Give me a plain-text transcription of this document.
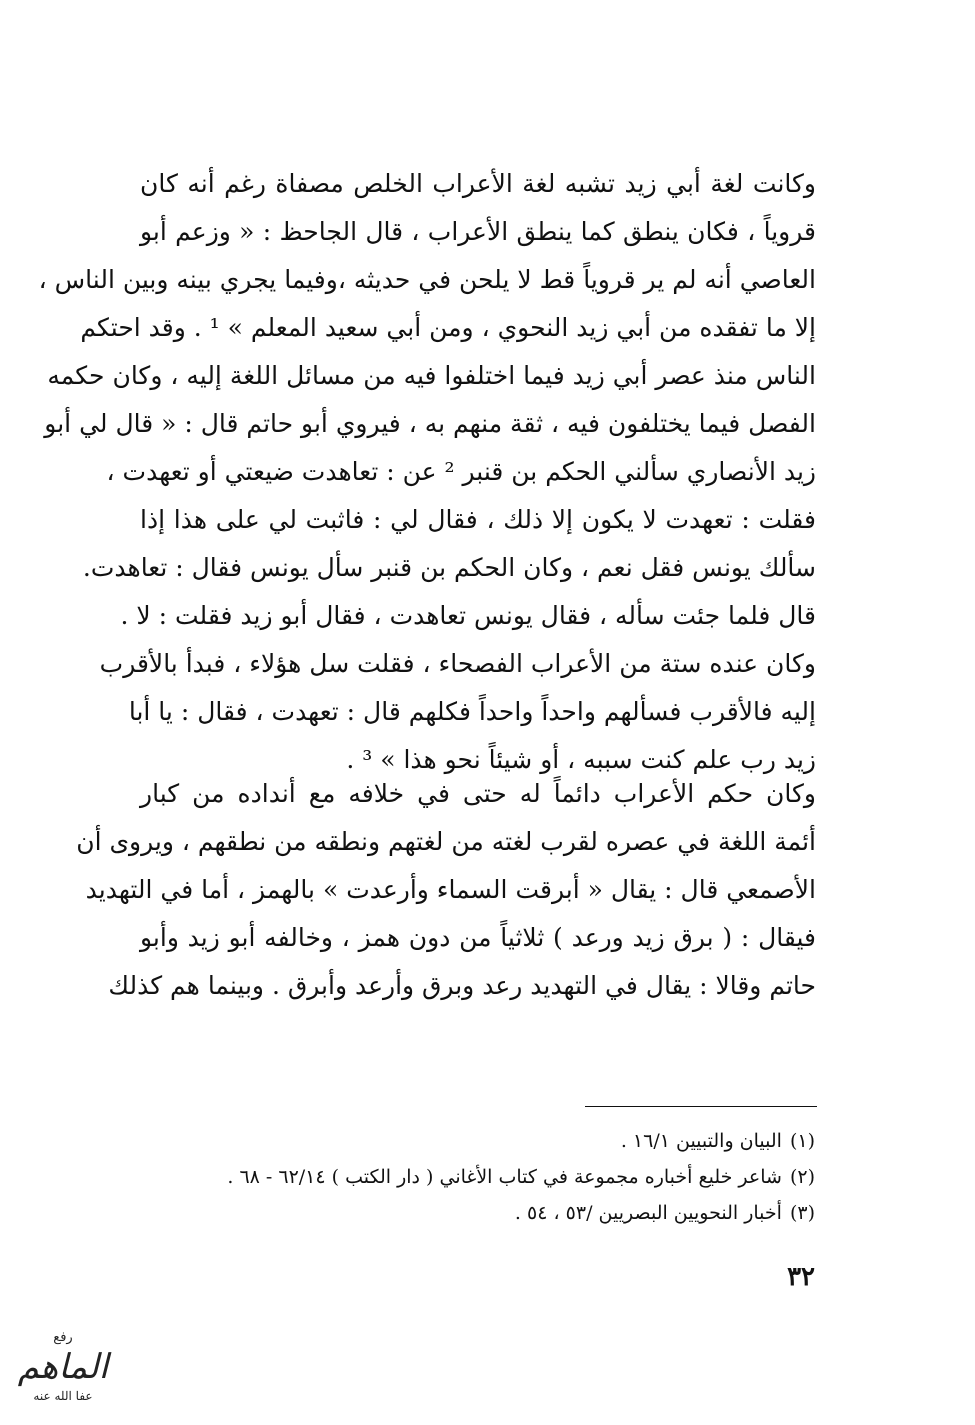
وكانت لغة أبي زيد تشبه لغة الأعراب الخلص مصفاة رغم أنه كان
قروياً ، فكان ينطق كما ينطق الأعراب ، قال الجاحظ : « وزعم أبو
العاصي أنه لم ير قروياً قط لا يلحن في حديثه ،وفيما يجري بينه وبين الناس ،
إلا ما تفقده من أبي زيد النحوي ، ومن أبي سعيد المعلم » ¹ . وقد احتكم
الناس منذ عصر أبي زيد فيما اختلفوا فيه من مسائل اللغة إليه ، وكان حكمه
الفصل فيما يختلفون فيه ، ثقة منهم به ، فيروي أبو حاتم قال : « قال لي أبو
زيد الأنصاري سألني الحكم بن قنبر ² عن : تعاهدت ضيعتي أو تعهدت ،
فقلت : تعهدت لا يكون إلا ذلك ، فقال لي : فاثبت لي على هذا إذا
سألك يونس فقل نعم ، وكان الحكم بن قنبر سأل يونس فقال : تعاهدت.
قال فلما جئت سأله ، فقال يونس تعاهدت ، فقال أبو زيد فقلت : لا .
وكان عنده ستة من الأعراب الفصحاء ، فقلت سل هؤلاء ، فبدأ بالأقرب
إليه فالأقرب فسألهم واحداً واحداً فكلهم قال : تعهدت ، فقال : يا أبا
زيد رب علم كنت سببه ، أو شيئاً نحو هذا » ³ .
وكان حكم الأعراب دائماً له حتى في خلافه مع أنداده من كبار
أئمة اللغة في عصره لقرب لغته من لغتهم ونطقه من نطقهم ، ويروى أن
الأصمعي قال : يقال « أبرقت السماء وأرعدت » بالهمز ، أما في التهديد
فيقال : ( برق زيد ورعد ) ثلاثياً من دون همز ، وخالفه أبو زيد وأبو
حاتم وقالا : يقال في التهديد رعد وبرق وأرعد وأبرق . وبينما هم كذلك
(١)البيان والتبيين ١٦/١ .
(٢)شاعر خليع أخباره مجموعة في كتاب الأغاني ( دار الكتب ) ٦٢/١٤ - ٦٨ .
(٣)أخبار النحويين البصريين /٥٣ ، ٥٤ .
٣٢
رفع
الماهم
عفا الله عنه
